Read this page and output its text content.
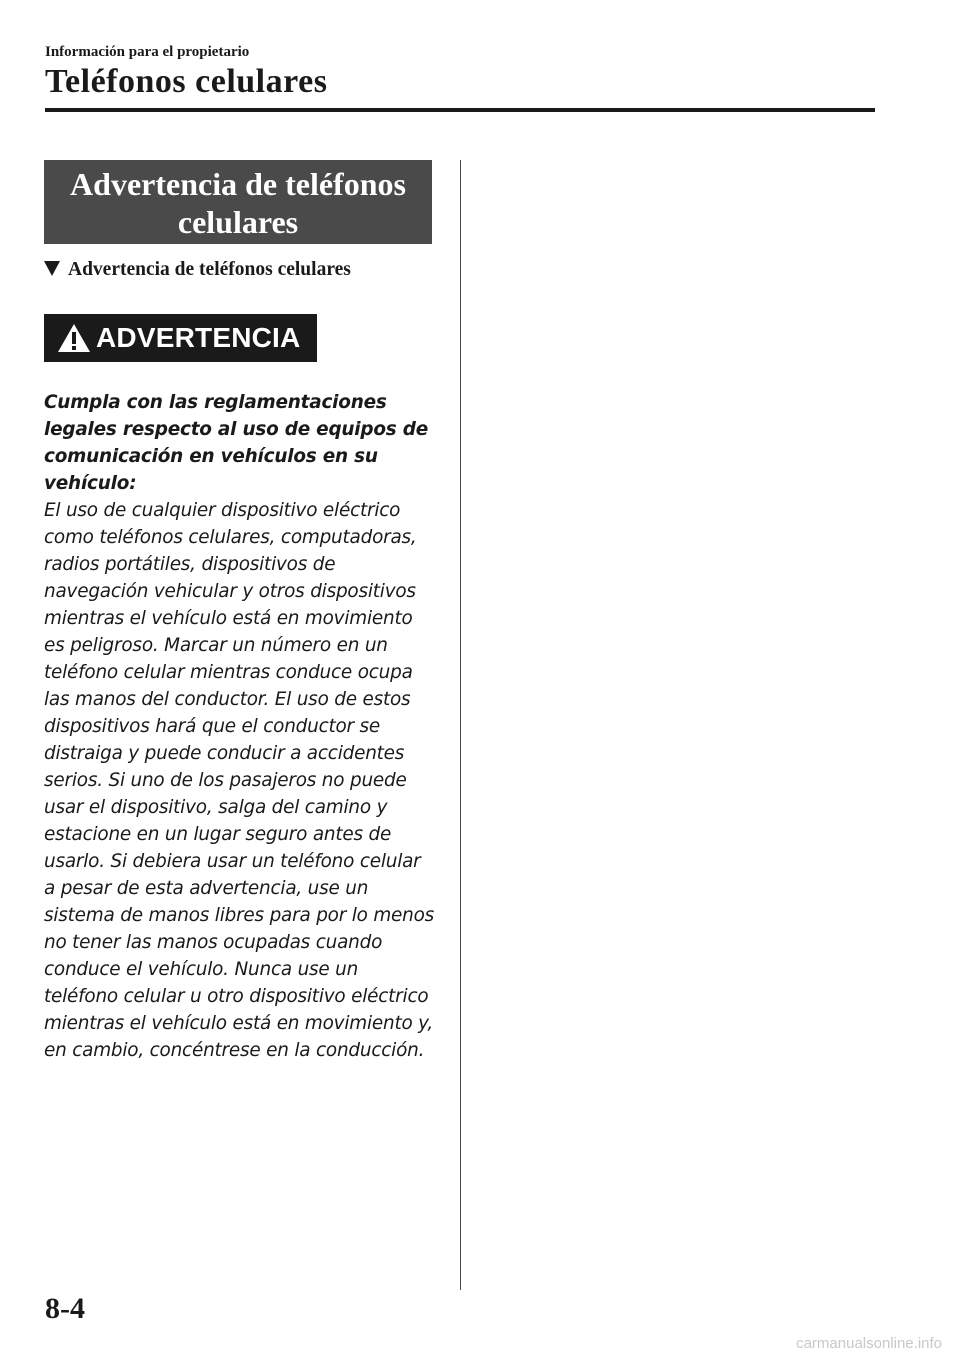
Información para el propietario
Teléfonos celulares
Advertencia de teléfonos celulares
Advertencia de teléfonos celulares
ADVERTENCIA
Cumpla con las reglamentaciones legales respecto al uso de equipos de comunicación en vehículos en su vehículo:
El uso de cualquier dispositivo eléctrico como teléfonos celulares, computadoras, radios portátiles, dispositivos de navegación vehicular y otros dispositivos mientras el vehículo está en movimiento es peligroso. Marcar un número en un teléfono celular mientras conduce ocupa las manos del conductor. El uso de estos dispositivos hará que el conductor se distraiga y puede conducir a accidentes serios. Si uno de los pasajeros no puede usar el dispositivo, salga del camino y estacione en un lugar seguro antes de usarlo. Si debiera usar un teléfono celular a pesar de esta advertencia, use un sistema de manos libres para por lo menos no tener las manos ocupadas cuando conduce el vehículo. Nunca use un teléfono celular u otro dispositivo eléctrico mientras el vehículo está en movimiento y, en cambio, concéntrese en la conducción.
8-4
carmanualsonline.info
